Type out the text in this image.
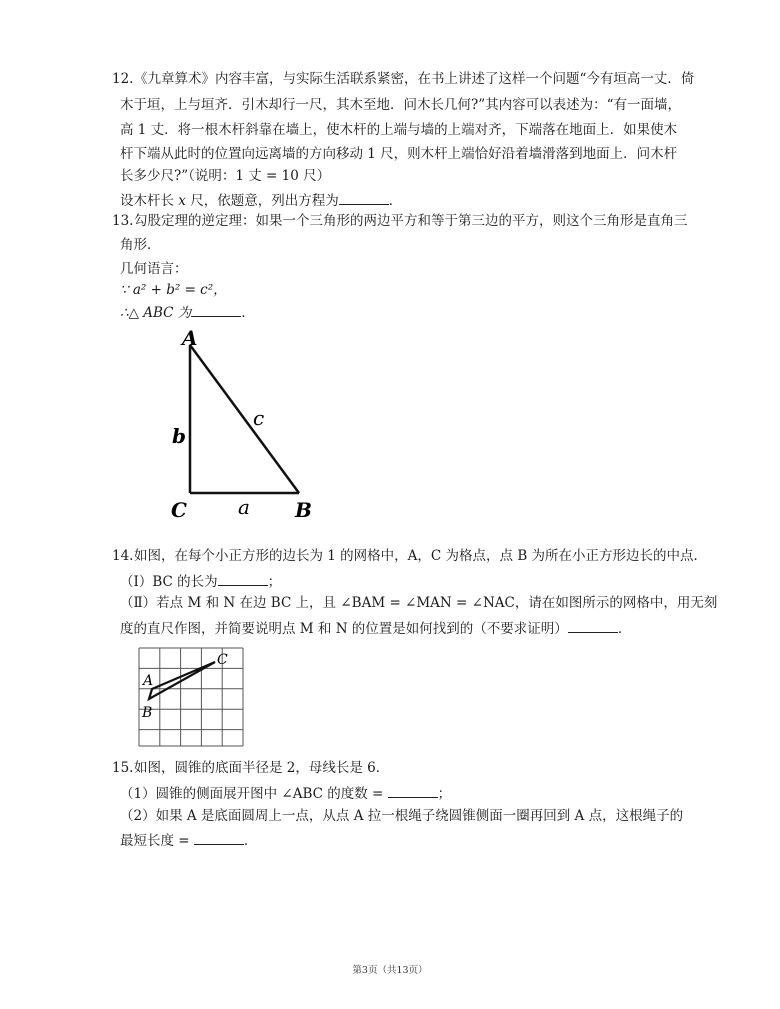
12. 《九章算术》内容丰富，与实际生活联系紧密，在书上讲述了这样一个问题“今有垣高一丈．倚
木于垣，上与垣齐．引木却行一尺，其木至地．问木长几何?”其内容可以表述为：“有一面墙，
高 1 丈．将一根木杆斜靠在墙上，使木杆的上端与墙的上端对齐，下端落在地面上．如果使木
杆下端从此时的位置向远离墙的方向移动 1 尺，则木杆上端恰好沿着墙滑落到地面上．问木杆
长多少尺?”（说明：1 丈 = 10 尺）
设木杆长 x 尺，依题意，列出方程为	．
13. 勾股定理的逆定理：如果一个三角形的两边平方和等于第三边的平方，则这个三角形是直角三
角形．
几何语言：
∵ a² + b² = c²，
∴△ ABC 为	．
A
b
c
C	a B
14. 如图，在每个小正方形的边长为 1 的网格中，A，C 为格点，点 B 为所在小正方形边长的中点．
（Ⅰ）BC 的长为	；
（Ⅱ）若点 M 和 N 在边 BC 上，且 ∠BAM = ∠MAN = ∠NAC，请在如图所示的网格中，用无刻
度的直尺作图，并简要说明点 M 和 N 的位置是如何找到的（不要求证明）	．
A
B
C
15. 如图，圆锥的底面半径是 2，母线长是 6．
（1）圆锥的侧面展开图中 ∠ABC 的度数 =	；
（2）如果 A 是底面圆周上一点，从点 A 拉一根绳子绕圆锥侧面一圈再回到 A 点，这根绳子的
最短长度 =	．
第3页（共13页）
